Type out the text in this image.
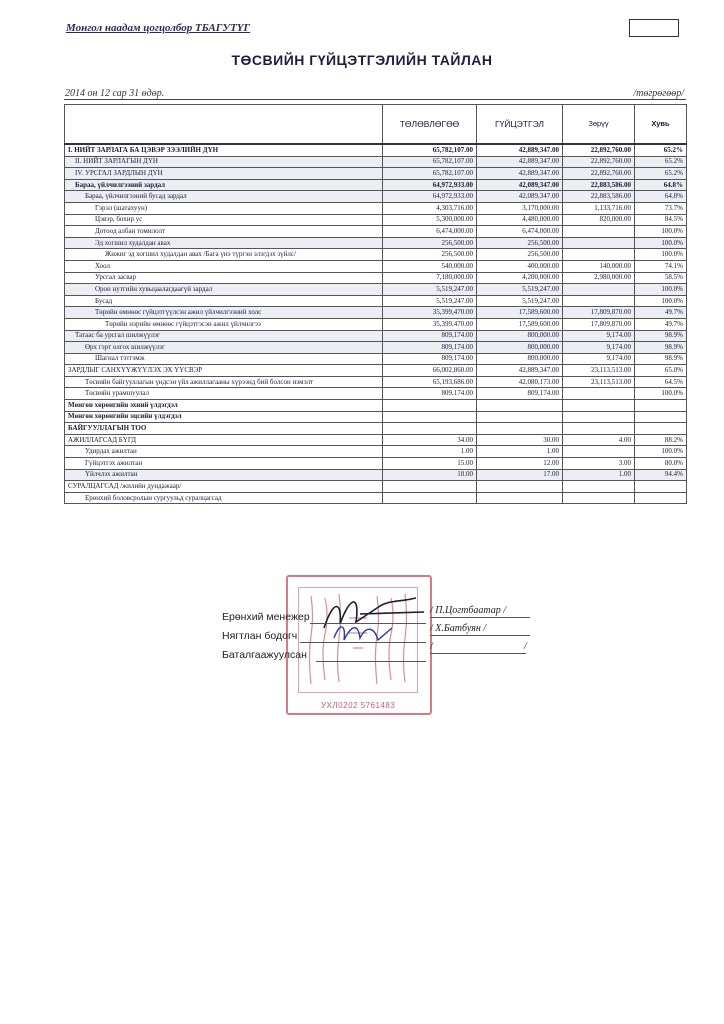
Монгол наадам цогцолбор ТБАГУТҮГ
ТӨСВИЙН ГҮЙЦЭТГЭЛИЙН ТАЙЛАН
2014 он 12 сар 31 өдөр.	/төгрөгөөр/
	ТӨЛӨВЛӨГӨӨ	ГҮЙЦЭТГЭЛ	Зөрүү	Хувь
I. НИЙТ ЗАРЛАГА БА ЦЭВЭР ЗЭЭЛИЙН ДҮН	65,782,107.00	42,889,347.00	22,892,760.00	65.2%
II. НИЙТ ЗАРЛАГЫН ДҮН	65,782,107.00	42,889,347.00	22,892,760.00	65.2%
IV. УРСГАЛ ЗАРДЛЫН ДҮН	65,782,107.00	42,889,347.00	22,892,760.00	65.2%
Бараа, үйлчилгээний зардал	64,972,933.00	42,089,347.00	22,883,586.00	64.8%
Бараа, үйлчилгээний бусад зардал	64,972,933.00	42,089,347.00	22,883,586.00	64.8%
Гэрэл (шатахуун)	4,303,716.00	3,170,000.00	1,133,716.00	73.7%
Цэвэр, бохир ус	5,300,000.00	4,480,000.00	820,000.00	84.5%
Дотоод албан томилолт	6,474,000.00	6,474,000.00		100.0%
Эд хогшил худалдан авах	256,500.00	256,500.00		100.0%
Жижиг эд хогшил худалдан авах /Бага үнэ түргэн элэгдэх зүйлс/	256,500.00	256,500.00		100.0%
Хоол	540,000.00	400,000.00	140,000.00	74.1%
Урсгал засвар	7,180,000.00	4,200,000.00	2,980,000.00	58.5%
Орон нутгийн хувьцаалагдаагүй зардал	5,519,247.00	5,519,247.00		100.0%
Бусад	5,519,247.00	5,519,247.00		100.0%
Төрийн өмнөөс гүйцэтгүүлсэн ажил үйлчилгээний холс	35,399,470.00	17,589,600.00	17,809,870.00	49.7%
Төрийн нэрийн өмнөөс гүйцэтгэсэн ажил үйлчилгээ	35,399,470.00	17,589,600.00	17,809,870.00	49.7%
Татаас ба урсгал шилжүүлэг	809,174.00	800,000.00	9,174.00	98.9%
Өрх гэрт олгох шилжүүлэг	809,174.00	800,000.00	9,174.00	98.9%
Шагнал тэтгэмж	809,174.00	800,000.00	9,174.00	98.9%
ЗАРДЛЫГ САНХҮҮЖҮҮЛЭХ ЭХ ҮҮСВЭР	66,002,860.00	42,889,347.00	23,113,513.00	65.0%
Төсвийн байгууллагын үндсэн үйл ажиллагааны хүрээнд бий болсон нэмэлт	65,193,686.00	42,080,173.00	23,113,513.00	64.5%
Төсвийн урамшуулал	809,174.00	809,174.00		100.0%
Мөнгөн хөрөнгийн эхний үлдэгдэл				
Мөнгөн хөрөнгийн эцсийн үлдэгдэл				
БАЙГУУЛЛАГЫН ТОО				
АЖИЛЛАГСАД БҮГД	34.00	30.00	4.00	88.2%
Удирдах ажилтан	1.00	1.00		100.0%
Гүйцэтгэх ажилтан	15.00	12.00	3.00	80.0%
Үйлчлэх ажилтан	18.00	17.00	1.00	94.4%
СУРАЛЦАГСАД /жилийн дундажаар/				
Ерөнхий боловсролын сургуульд суралцагсад				
УХЛ0202 5761483
Ерөнхий менежер
/ П.Цогтбаатар /
Нягтлан бодогч
/ Х.Батбуян /
Баталгаажуулсан
/	/
